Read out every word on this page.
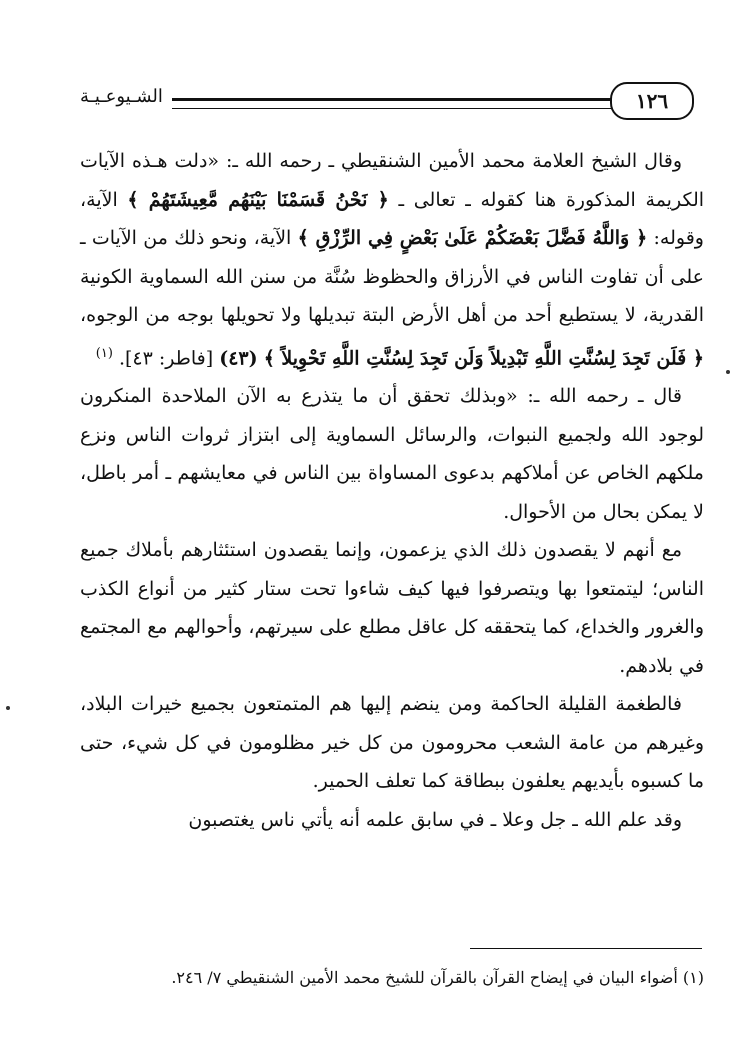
الشـيوعـيـة	١٢٦

وقال الشيخ العلامة محمد الأمين الشنقيطي ـ رحمه الله ـ: «دلت هـذه الآيات الكريمة المذكورة هنا كقوله ـ تعالى ـ ﴿ نَحْنُ قَسَمْنَا بَيْنَهُم مَّعِيشَتَهُمْ ﴾ الآية، وقوله: ﴿ وَاللَّهُ فَضَّلَ بَعْضَكُمْ عَلَىٰ بَعْضٍ فِي الرِّزْقِ ﴾ الآية، ونحو ذلك من الآيات ـ على أن تفاوت الناس في الأرزاق والحظوظ سُنَّة من سنن الله السماوية الكونية القدرية، لا يستطيع أحد من أهل الأرض البتة تبديلها ولا تحويلها بوجه من الوجوه، ﴿ فَلَن تَجِدَ لِسُنَّتِ اللَّهِ تَبْدِيلاً وَلَن تَجِدَ لِسُنَّتِ اللَّهِ تَحْوِيلاً ﴾ (٤٣) [فاطر: ٤٣]. $^{(١)}$

قال ـ رحمه الله ـ: «وبذلك تحقق أن ما يتذرع به الآن الملاحدة المنكرون لوجود الله ولجميع النبوات، والرسائل السماوية إلى ابتزاز ثروات الناس ونزع ملكهم الخاص عن أملاكهم بدعوى المساواة بين الناس في معايشهم ـ أمر باطل، لا يمكن بحال من الأحوال.

مع أنهم لا يقصدون ذلك الذي يزعمون، وإنما يقصدون استئثارهم بأملاك جميع الناس؛ ليتمتعوا بها ويتصرفوا فيها كيف شاءوا تحت ستار كثير من أنواع الكذب والغرور والخداع، كما يتحققه كل عاقل مطلع على سيرتهم، وأحوالهم مع المجتمع في بلادهم.

فالطغمة القليلة الحاكمة ومن ينضم إليها هم المتمتعون بجميع خيرات البلاد، وغيرهم من عامة الشعب محرومون من كل خير مظلومون في كل شيء، حتى ما كسبوه بأيديهم يعلفون ببطاقة كما تعلف الحمير.

وقد علم الله ـ جل وعلا ـ في سابق علمه أنه يأتي ناس يغتصبون

(١) أضواء البيان في إيضاح القرآن بالقرآن للشيخ محمد الأمين الشنقيطي ٧/ ٢٤٦.
